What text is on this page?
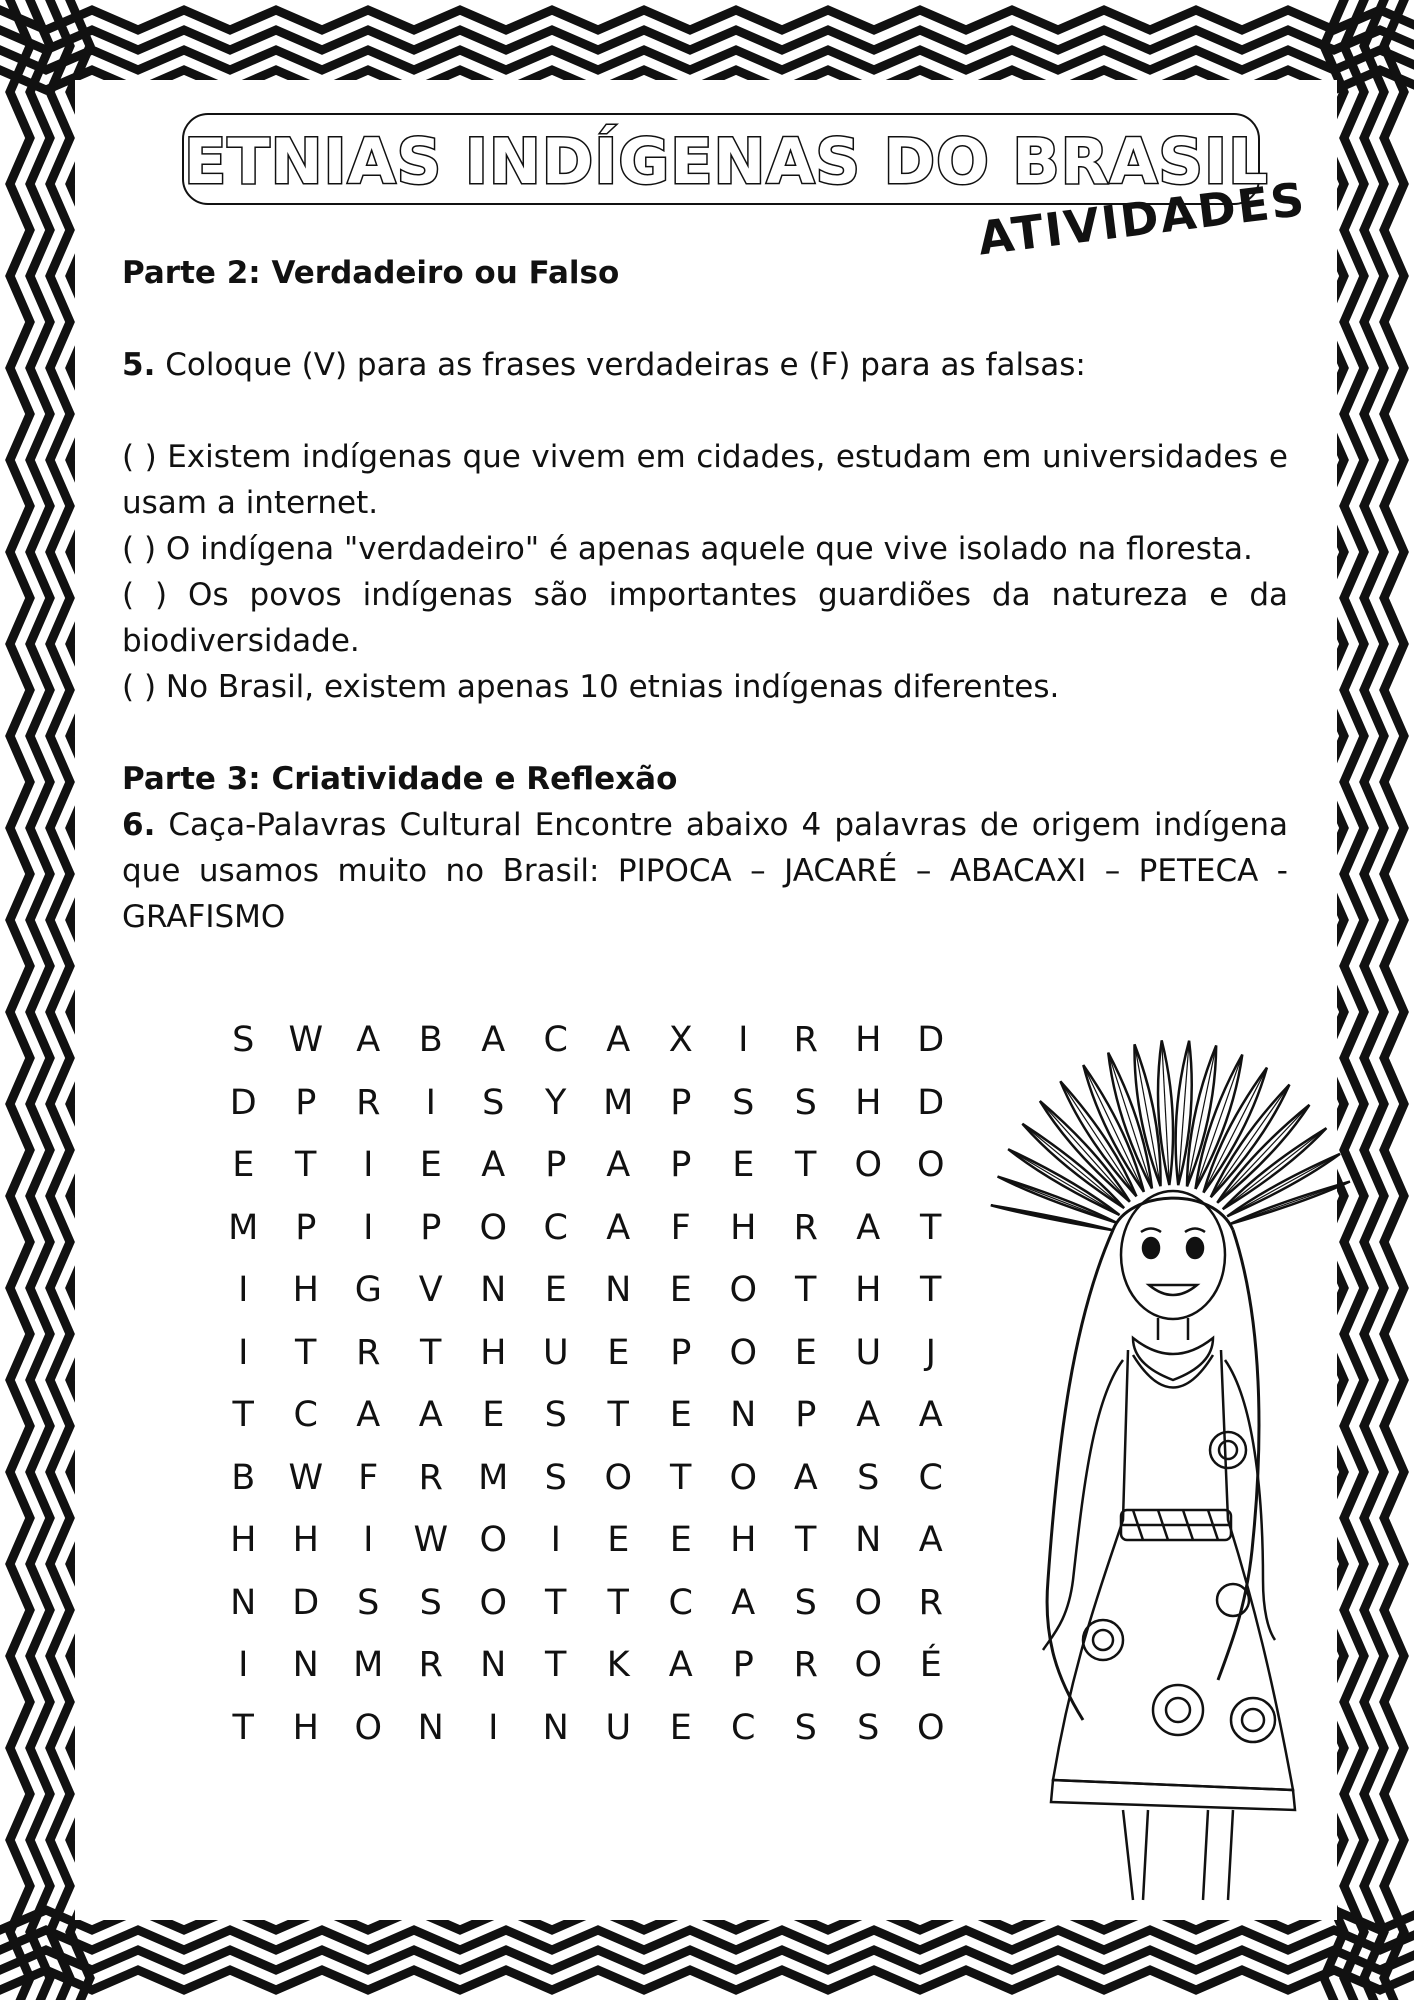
ETNIAS INDÍGENAS DO BRASIL
ATIVIDADES

Parte 2: Verdadeiro ou Falso

5. Coloque (V) para as frases verdadeiras e (F) para as falsas:

( ) Existem indígenas que vivem em cidades, estudam em universidades e usam a internet.

( ) O indígena "verdadeiro" é apenas aquele que vive isolado na floresta.

( ) Os povos indígenas são importantes guardiões da natureza e da biodiversidade.

( ) No Brasil, existem apenas 10 etnias indígenas diferentes.

Parte 3: Criatividade e Reflexão

6. Caça-Palavras Cultural Encontre abaixo 4 palavras de origem indígena que usamos muito no Brasil: PIPOCA – JACARÉ – ABACAXI – PETECA - GRAFISMO

S W A	B	A	C	A	X	I	R	H	D
D	P	R	I	S	Y	M	P	S	S	H	D
E	T	I	E	A	P	A	P	E	T	O O
M	P	I	P	O	C	A	F	H	R	A	T
I	H	G	V	N	E	N	E	O	T	H	T
I	T	R	T	H	U	E	P	O	E	U	J
T	C	A	A	E	S	T	E	N	P	A	A
B W	F	R	M	S	O	T	O	A	S	C
H	H	I	W O	I	E	E	H	T	N	A
N	D	S	S	O	T	T	C	A	S	O	R
I	N M	R	N	T	K	A	P	R	O	É
T	H	O	N	I	N	U	E	C	S	S	O
